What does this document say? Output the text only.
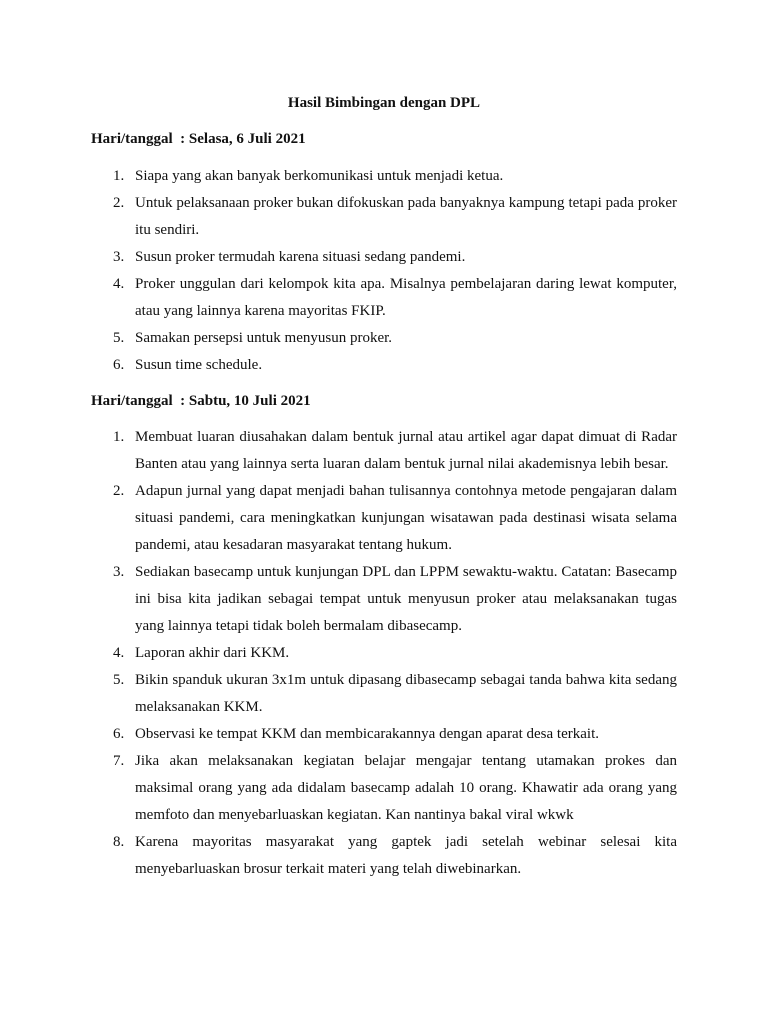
Hasil Bimbingan dengan DPL
Hari/tanggal  : Selasa, 6 Juli 2021
1. Siapa yang akan banyak berkomunikasi untuk menjadi ketua.
2. Untuk pelaksanaan proker bukan difokuskan pada banyaknya kampung tetapi pada proker itu sendiri.
3. Susun proker termudah karena situasi sedang pandemi.
4. Proker unggulan dari kelompok kita apa. Misalnya pembelajaran daring lewat komputer, atau yang lainnya karena mayoritas FKIP.
5. Samakan persepsi untuk menyusun proker.
6. Susun time schedule.
Hari/tanggal  : Sabtu, 10 Juli 2021
1. Membuat luaran diusahakan dalam bentuk jurnal atau artikel agar dapat dimuat di Radar Banten atau yang lainnya serta luaran dalam bentuk jurnal nilai akademisnya lebih besar.
2. Adapun jurnal yang dapat menjadi bahan tulisannya contohnya metode pengajaran dalam situasi pandemi, cara meningkatkan kunjungan wisatawan pada destinasi wisata selama pandemi, atau kesadaran masyarakat tentang hukum.
3. Sediakan basecamp untuk kunjungan DPL dan LPPM sewaktu-waktu. Catatan: Basecamp ini bisa kita jadikan sebagai tempat untuk menyusun proker atau melaksanakan tugas yang lainnya tetapi tidak boleh bermalam dibasecamp.
4. Laporan akhir dari KKM.
5. Bikin spanduk ukuran 3x1m untuk dipasang dibasecamp sebagai tanda bahwa kita sedang melaksanakan KKM.
6. Observasi ke tempat KKM dan membicarakannya dengan aparat desa terkait.
7. Jika akan melaksanakan kegiatan belajar mengajar tentang utamakan prokes dan maksimal orang yang ada didalam basecamp adalah 10 orang. Khawatir ada orang yang memfoto dan menyebarluaskan kegiatan. Kan nantinya bakal viral wkwk
8. Karena mayoritas masyarakat yang gaptek jadi setelah webinar selesai kita menyebarluaskan brosur terkait materi yang telah diwebinarkan.
